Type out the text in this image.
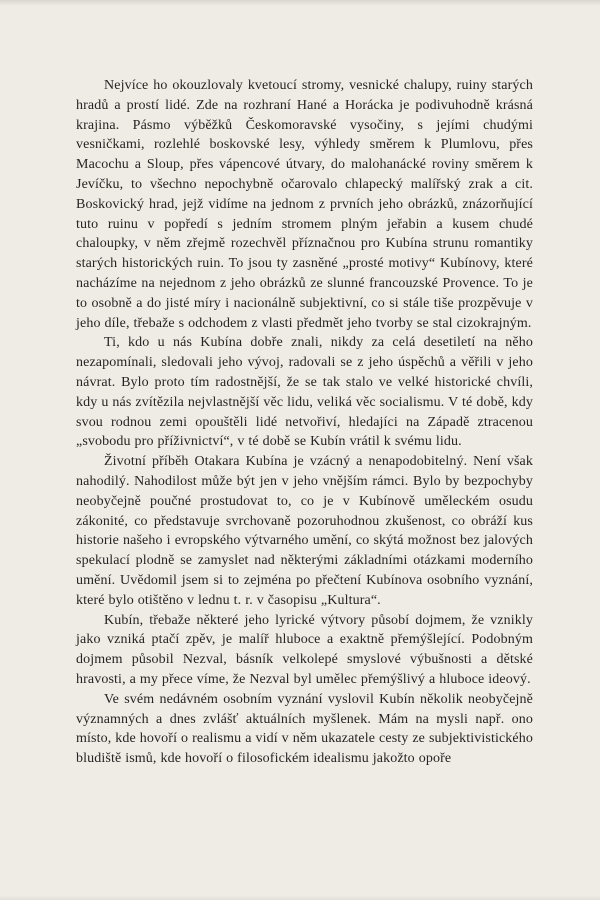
Nejvíce ho okouzlovaly kvetoucí stromy, vesnické chalupy, ruiny starých hradů a prostí lidé. Zde na rozhraní Hané a Horácka je podivuhodně krásná krajina. Pásmo výběžků Českomoravské vysočiny, s jejími chudými vesničkami, rozlehlé boskovské lesy, výhledy směrem k Plumlovu, přes Macochu a Sloup, přes vápencové útvary, do malohanácké roviny směrem k Jevíčku, to všechno nepochybně očarovalo chlapecký malířský zrak a cit. Boskovický hrad, jejž vidíme na jednom z prvních jeho obrázků, znázorňující tuto ruinu v popředí s jedním stromem plným jeřabin a kusem chudé chaloupky, v něm zřejmě rozechvěl příznačnou pro Kubína strunu romantiky starých historických ruin. To jsou ty zasněné „prosté motivy“ Kubínovy, které nacházíme na nejednom z jeho obrázků ze slunné francouzské Provence. To je to osobně a do jisté míry i nacionálně subjektivní, co si stále tiše prozpěvuje v jeho díle, třebaže s odchodem z vlasti předmět jeho tvorby se stal cizokrajným.

Ti, kdo u nás Kubína dobře znali, nikdy za celá desetiletí na něho nezapomínali, sledovali jeho vývoj, radovali se z jeho úspěchů a věřili v jeho návrat. Bylo proto tím radostnější, že se tak stalo ve velké historické chvíli, kdy u nás zvítězila nejvlastnější věc lidu, veliká věc socialismu. V té době, kdy svou rodnou zemi opouštěli lidé netvořiví, hledajíci na Západě ztracenou „svobodu pro příživnictví“, v té době se Kubín vrátil k svému lidu.

Životní příběh Otakara Kubína je vzácný a nenapodobitelný. Není však nahodilý. Nahodilost může být jen v jeho vnějším rámci. Bylo by bezpochyby neobyčejně poučné prostudovat to, co je v Kubínově uměleckém osudu zákonité, co představuje svrchovaně pozoruhodnou zkušenost, co obráží kus historie našeho i evropského výtvarného umění, co skýtá možnost bez jalových spekulací plodně se zamyslet nad některými základními otázkami moderního umění. Uvědomil jsem si to zejména po přečtení Kubínova osobního vyznání, které bylo otištěno v lednu t. r. v časopisu „Kultura“.

Kubín, třebaže některé jeho lyrické výtvory působí dojmem, že vznikly jako vzniká ptačí zpěv, je malíř hluboce a exaktně přemýšlející. Podobným dojmem působil Nezval, básník velkolepé smyslové výbušnosti a dětské hravosti, a my přece víme, že Nezval byl umělec přemýšlivý a hluboce ideový.

Ve svém nedávném osobním vyznání vyslovil Kubín několik neobyčejně významných a dnes zvlášť aktuálních myšlenek. Mám na mysli např. ono místo, kde hovoří o realismu a vidí v něm ukazatele cesty ze subjektivistického bludiště ismů, kde hovoří o filosofickém idealismu jakožto opoře
